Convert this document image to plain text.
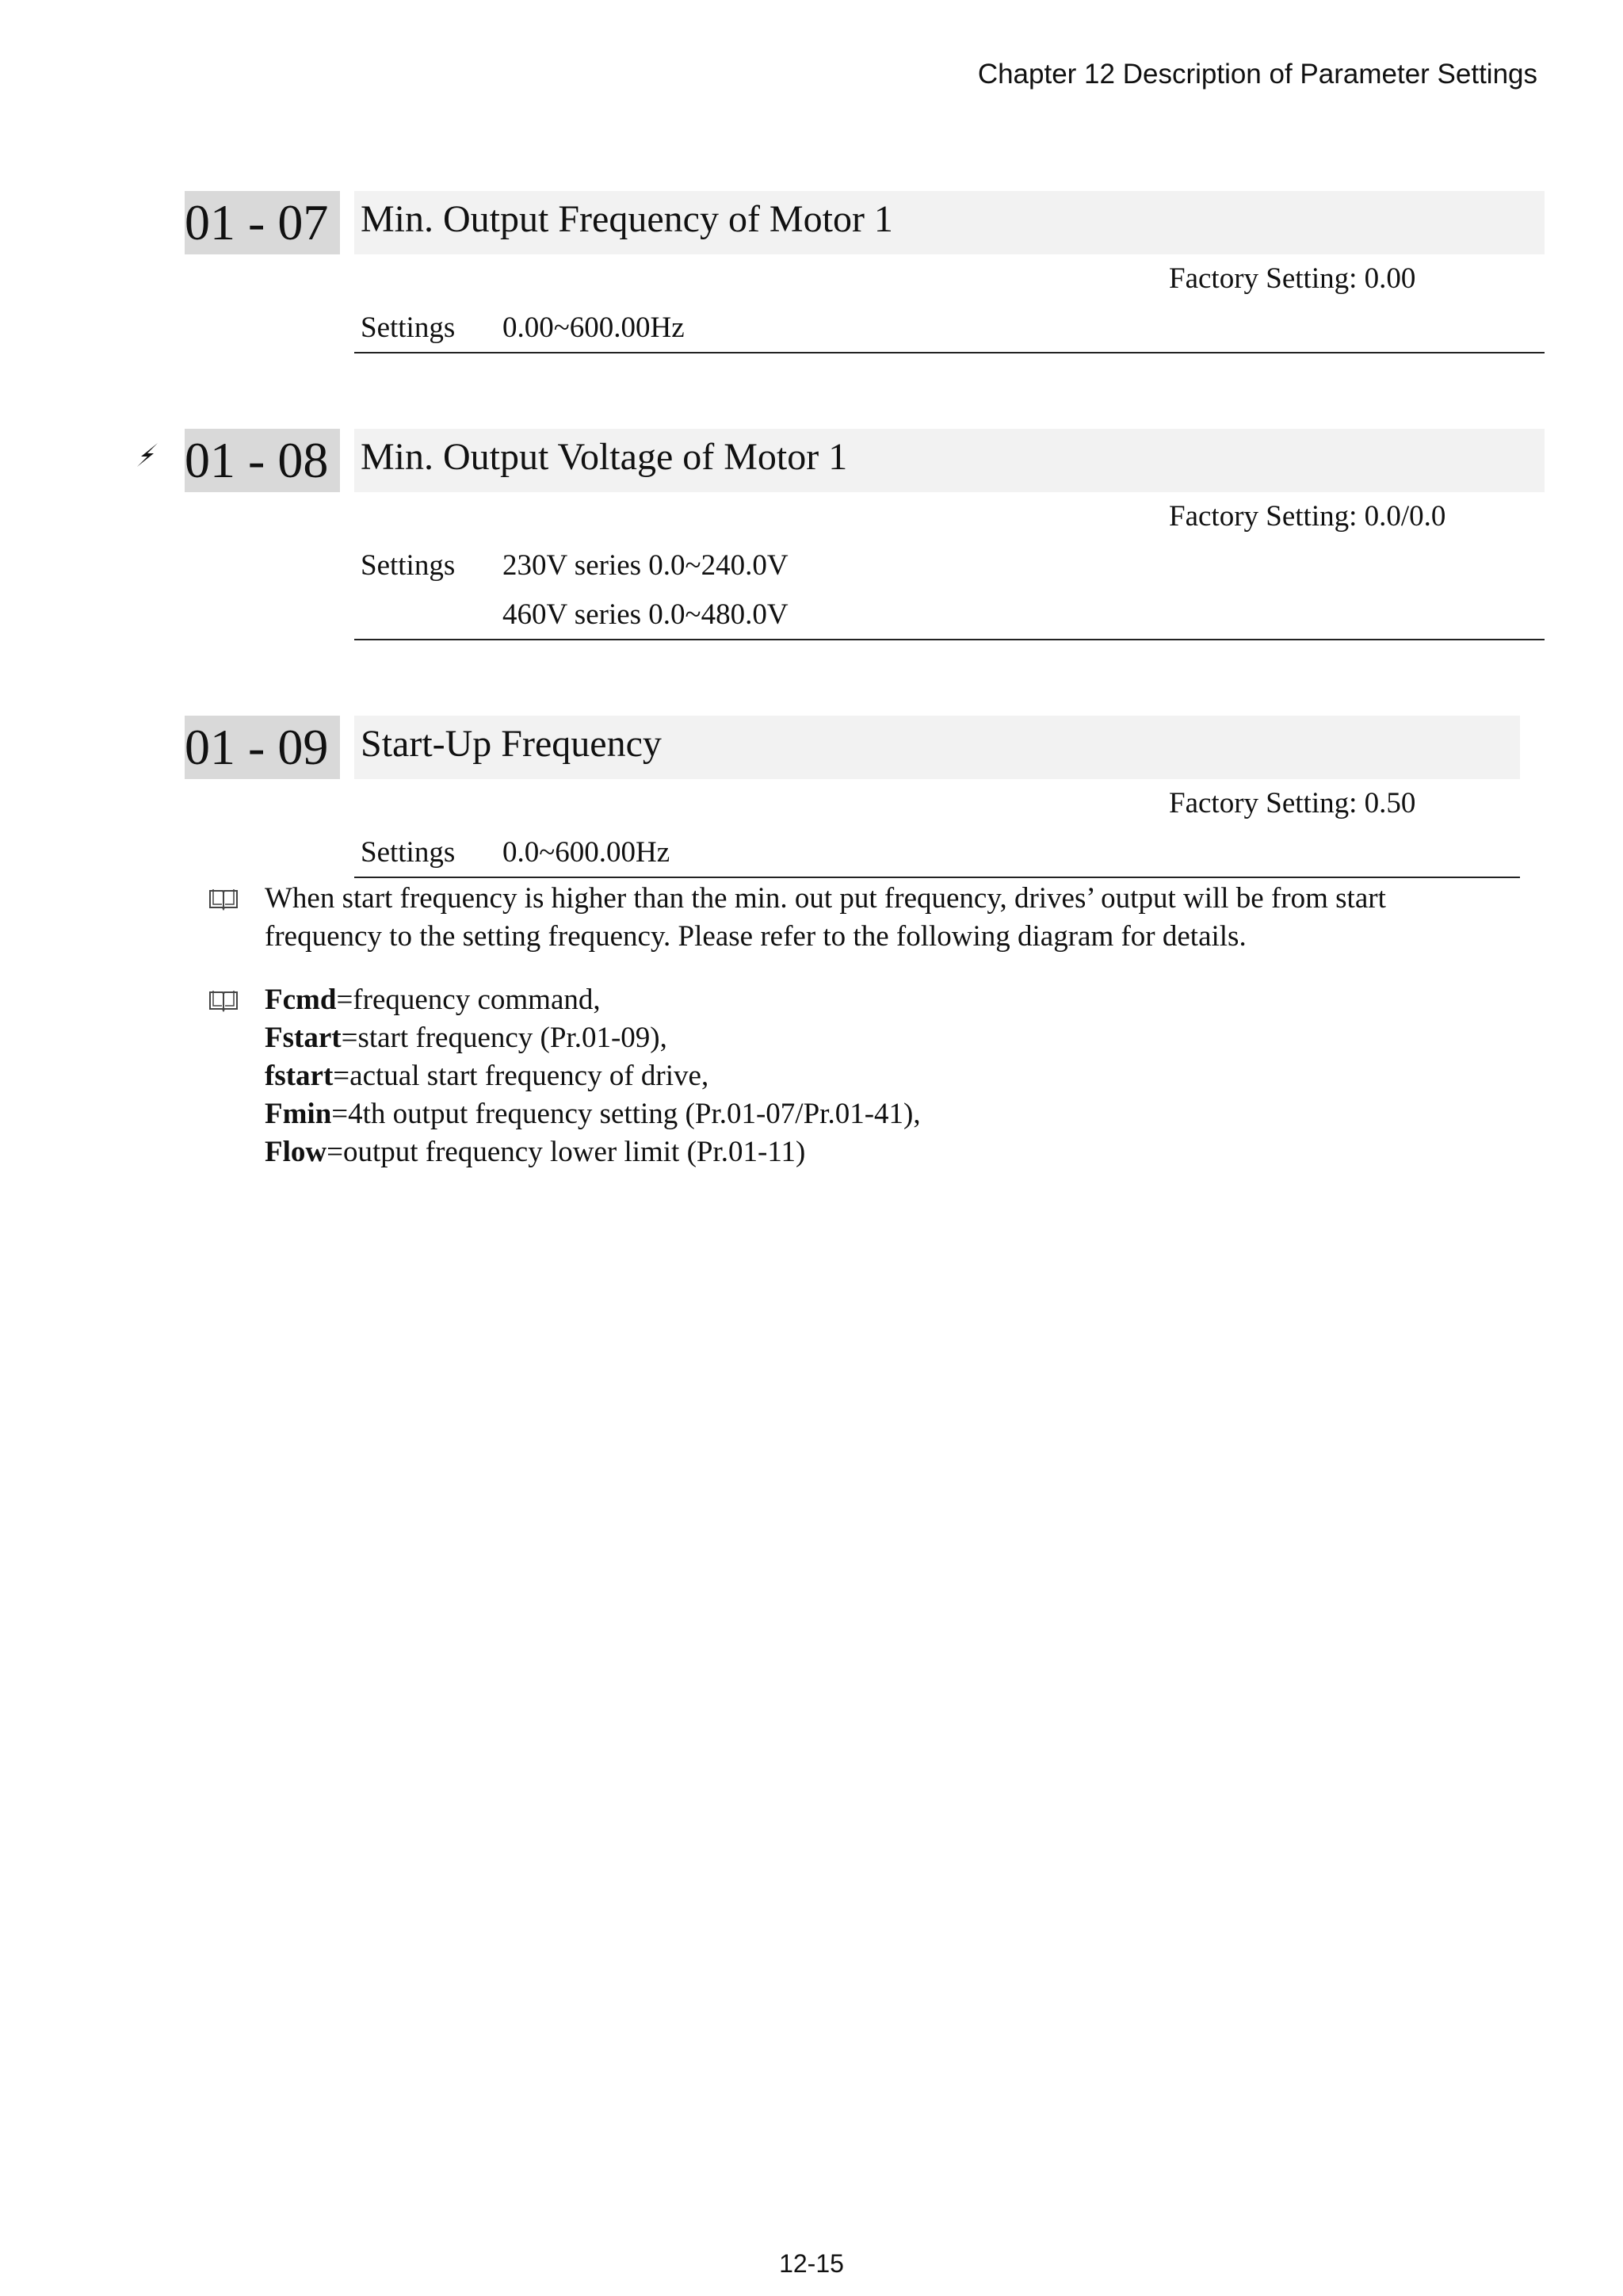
Chapter 12 Description of Parameter Settings
01 - 07 Min. Output Frequency of Motor 1
Factory Setting: 0.00
Settings 0.00~600.00Hz
01 - 08 Min. Output Voltage of Motor 1
Factory Setting: 0.0/0.0
Settings 230V series 0.0~240.0V
460V series 0.0~480.0V
01 - 09 Start-Up Frequency
Factory Setting: 0.50
Settings 0.0~600.00Hz
When start frequency is higher than the min. out put frequency, drives’ output will be from start
frequency to the setting frequency. Please refer to the following diagram for details.
Fcmd=frequency command,
Fstart=start frequency (Pr.01-09),
fstart=actual start frequency of drive,
Fmin=4th output frequency setting (Pr.01-07/Pr.01-41),
Flow=output frequency lower limit (Pr.01-11)
12-15
